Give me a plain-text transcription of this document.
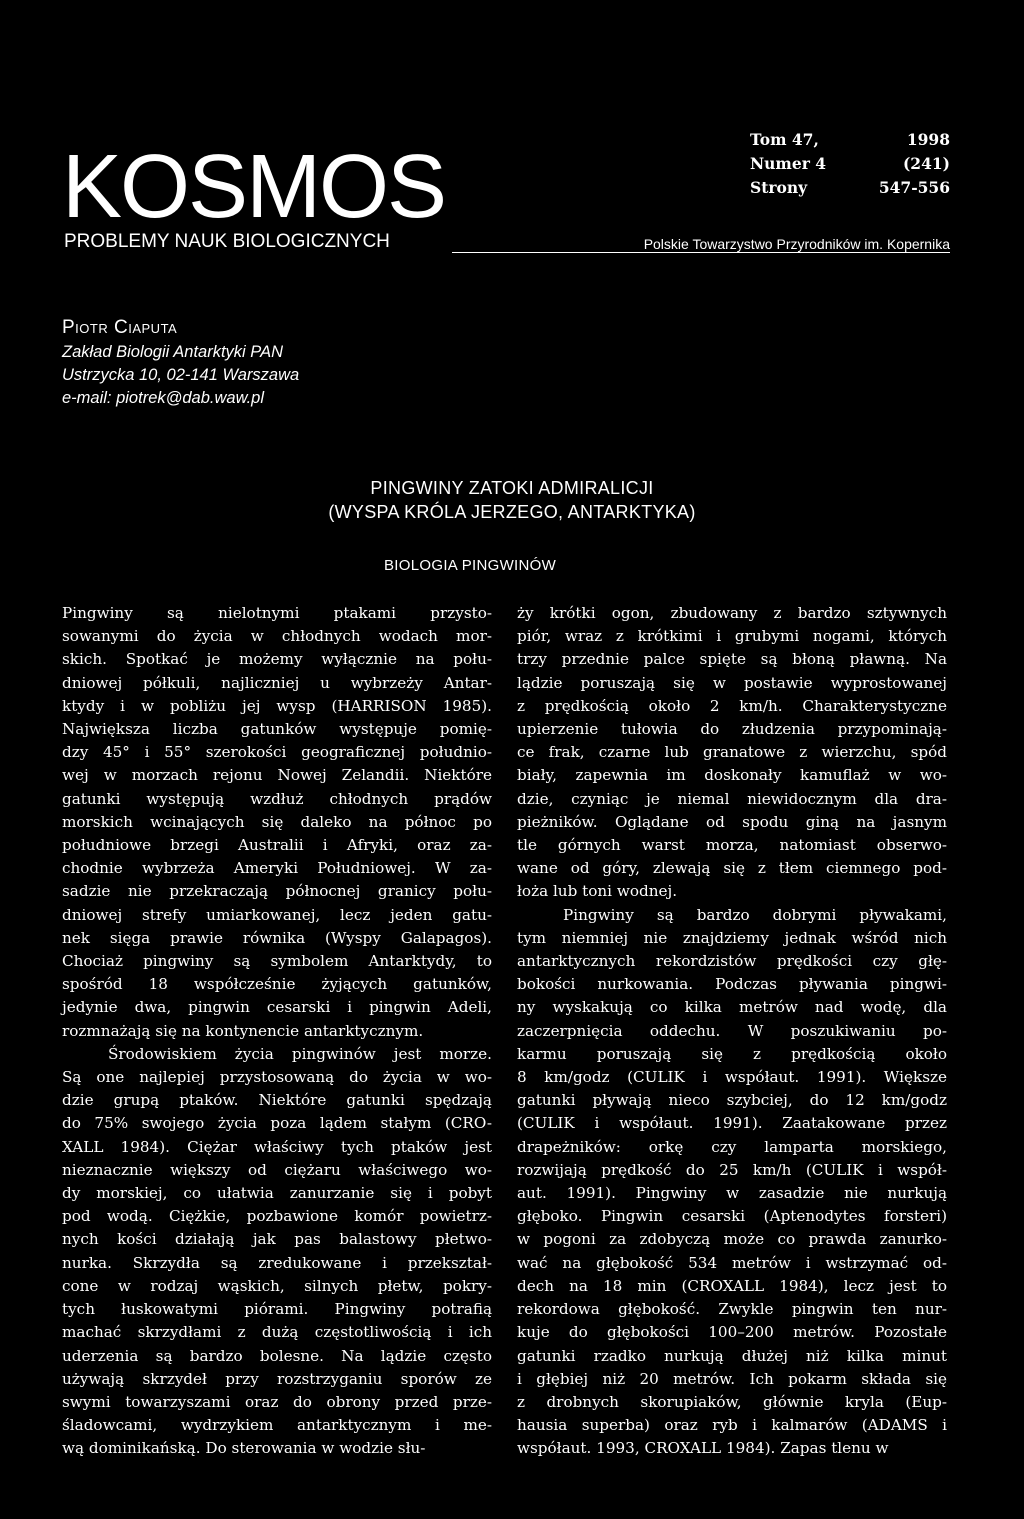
KOSMOS
PROBLEMY NAUK BIOLOGICZNYCH	Polskie Towarzystwo Przyrodników im. Kopernika
Tom 47,	1998
Numer 4	(241)
Strony	547-556
Piotr Ciaputa
Zakład Biologii Antarktyki PAN
Ustrzycka 10, 02-141 Warszawa
e-mail: piotrek@dab.waw.pl
PINGWINY ZATOKI ADMIRALICJI
(WYSPA KRÓLA JERZEGO, ANTARKTYKA)
BIOLOGIA PINGWINÓW
Pingwiny są nielotnymi ptakami przysto-
sowanymi do życia w chłodnych wodach mor-
skich. Spotkać je możemy wyłącznie na połu-
dniowej półkuli, najliczniej u wybrzeży Antar-
ktydy i w pobliżu jej wysp (HARRISON 1985).
Największa liczba gatunków występuje pomię-
dzy 45° i 55° szerokości geograficznej południo-
wej w morzach rejonu Nowej Zelandii. Niektóre
gatunki występują wzdłuż chłodnych prądów
morskich wcinających się daleko na północ po
południowe brzegi Australii i Afryki, oraz za-
chodnie wybrzeża Ameryki Południowej. W za-
sadzie nie przekraczają północnej granicy połu-
dniowej strefy umiarkowanej, lecz jeden gatu-
nek sięga prawie równika (Wyspy Galapagos).
Chociaż pingwiny są symbolem Antarktydy, to
spośród 18 współcześnie żyjących gatunków,
jedynie dwa, pingwin cesarski i pingwin Adeli,
rozmnażają się na kontynencie antarktycznym.
Środowiskiem życia pingwinów jest morze.
Są one najlepiej przystosowaną do życia w wo-
dzie grupą ptaków. Niektóre gatunki spędzają
do 75% swojego życia poza lądem stałym (CRO-
XALL 1984). Ciężar właściwy tych ptaków jest
nieznacznie większy od ciężaru właściwego wo-
dy morskiej, co ułatwia zanurzanie się i pobyt
pod wodą. Ciężkie, pozbawione komór powietrz-
nych kości działają jak pas balastowy płetwo-
nurka. Skrzydła są zredukowane i przekształ-
cone w rodzaj wąskich, silnych płetw, pokry-
tych łuskowatymi piórami. Pingwiny potrafią
machać skrzydłami z dużą częstotliwością i ich
uderzenia są bardzo bolesne. Na lądzie często
używają skrzydeł przy rozstrzyganiu sporów ze
swymi towarzyszami oraz do obrony przed prze-
śladowcami, wydrzykiem antarktycznym i me-
wą dominikańską. Do sterowania w wodzie słu-
ży krótki ogon, zbudowany z bardzo sztywnych
piór, wraz z krótkimi i grubymi nogami, których
trzy przednie palce spięte są błoną pławną. Na
lądzie poruszają się w postawie wyprostowanej
z prędkością około 2 km/h. Charakterystyczne
upierzenie tułowia do złudzenia przypominają-
ce frak, czarne lub granatowe z wierzchu, spód
biały, zapewnia im doskonały kamuflaż w wo-
dzie, czyniąc je niemal niewidocznym dla dra-
pieżników. Oglądane od spodu giną na jasnym
tle górnych warst morza, natomiast obserwo-
wane od góry, zlewają się z tłem ciemnego pod-
łoża lub toni wodnej.
Pingwiny są bardzo dobrymi pływakami,
tym niemniej nie znajdziemy jednak wśród nich
antarktycznych rekordzistów prędkości czy głę-
bokości nurkowania. Podczas pływania pingwi-
ny wyskakują co kilka metrów nad wodę, dla
zaczerpnięcia oddechu. W poszukiwaniu po-
karmu poruszają się z prędkością około
8 km/godz (CULIK i współaut. 1991). Większe
gatunki pływają nieco szybciej, do 12 km/godz
(CULIK i współaut. 1991). Zaatakowane przez
drapeżników: orkę czy lamparta morskiego,
rozwijają prędkość do 25 km/h (CULIK i współ-
aut. 1991). Pingwiny w zasadzie nie nurkują
głęboko. Pingwin cesarski (Aptenodytes forsteri)
w pogoni za zdobyczą może co prawda zanurko-
wać na głębokość 534 metrów i wstrzymać od-
dech na 18 min (CROXALL 1984), lecz jest to
rekordowa głębokość. Zwykle pingwin ten nur-
kuje do głębokości 100–200 metrów. Pozostałe
gatunki rzadko nurkują dłużej niż kilka minut
i głębiej niż 20 metrów. Ich pokarm składa się
z drobnych skorupiaków, głównie kryla (Eup-
hausia superba) oraz ryb i kalmarów (ADAMS i
współaut. 1993, CROXALL 1984). Zapas tlenu w
